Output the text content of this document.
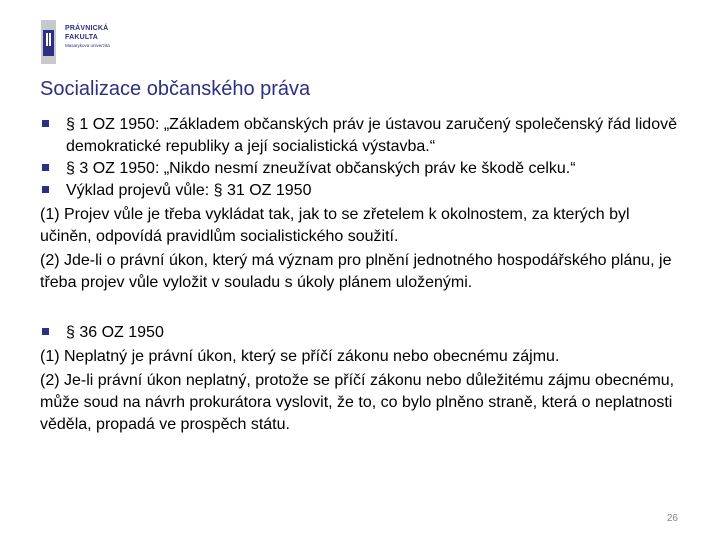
PRÁVNICKÁ
FAKULTA
Masarykova univerzita
Socializace občanského práva
§ 1 OZ 1950: „Základem občanských práv je ústavou zaručený společenský řád lidově demokratické republiky a její socialistická výstavba.“
§ 3 OZ 1950: „Nikdo nesmí zneužívat občanských práv ke škodě celku.“
Výklad projevů vůle: § 31 OZ 1950
(1) Projev vůle je třeba vykládat tak, jak to se zřetelem k okolnostem, za kterých byl učiněn, odpovídá pravidlům socialistického soužití.
(2) Jde-li o právní úkon, který má význam pro plnění jednotného hospodářského plánu, je třeba projev vůle vyložit v souladu s úkoly plánem uloženými.
§ 36 OZ 1950
(1) Neplatný je právní úkon, který se příčí zákonu nebo obecnému zájmu.
(2) Je-li právní úkon neplatný, protože se příčí zákonu nebo důležitému zájmu obecnému, může soud na návrh prokurátora vyslovit, že to, co bylo plněno straně, která o neplatnosti věděla, propadá ve prospěch státu.
26
